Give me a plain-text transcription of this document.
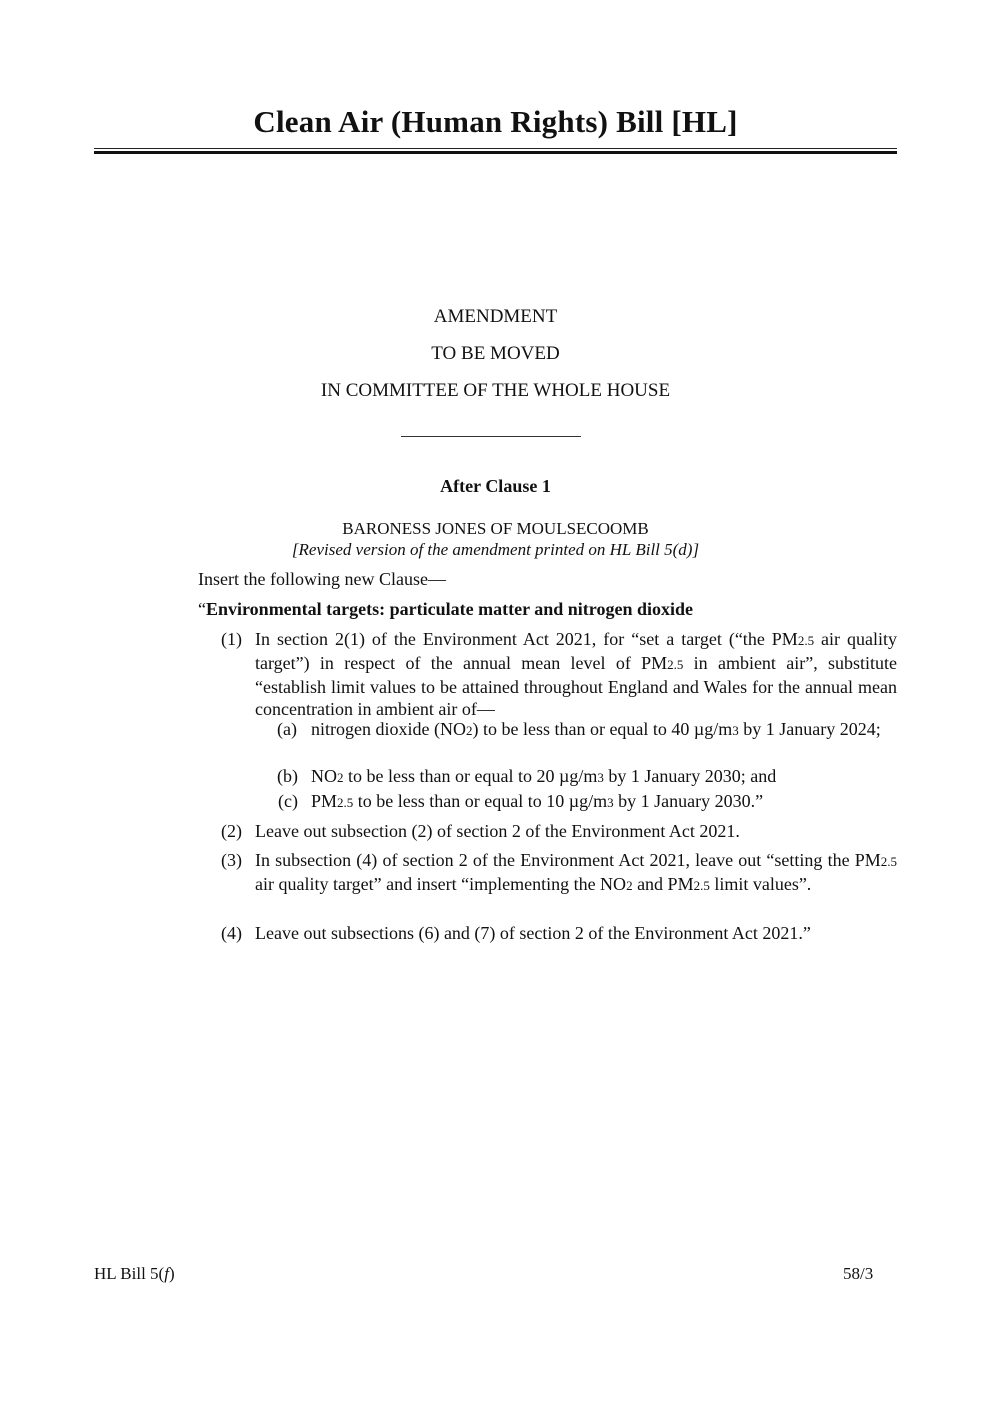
Clean Air (Human Rights) Bill [HL]
AMENDMENT
TO BE MOVED
IN COMMITTEE OF THE WHOLE HOUSE
After Clause 1
BARONESS JONES OF MOULSECOOMB
[Revised version of the amendment printed on HL Bill 5(d)]
Insert the following new Clause—
“Environmental targets: particulate matter and nitrogen dioxide
(1) In section 2(1) of the Environment Act 2021, for “set a target (“the PM2.5 air quality target”) in respect of the annual mean level of PM2.5 in ambient air”, substitute “establish limit values to be attained throughout England and Wales for the annual mean concentration in ambient air of—
(a) nitrogen dioxide (NO2) to be less than or equal to 40 µg/m3 by 1 January 2024;
(b) NO2 to be less than or equal to 20 µg/m3 by 1 January 2030; and
(c) PM2.5 to be less than or equal to 10 µg/m3 by 1 January 2030.”
(2) Leave out subsection (2) of section 2 of the Environment Act 2021.
(3) In subsection (4) of section 2 of the Environment Act 2021, leave out “setting the PM2.5 air quality target” and insert “implementing the NO2 and PM2.5 limit values”.
(4) Leave out subsections (6) and (7) of section 2 of the Environment Act 2021.”
HL Bill 5(f)	58/3
